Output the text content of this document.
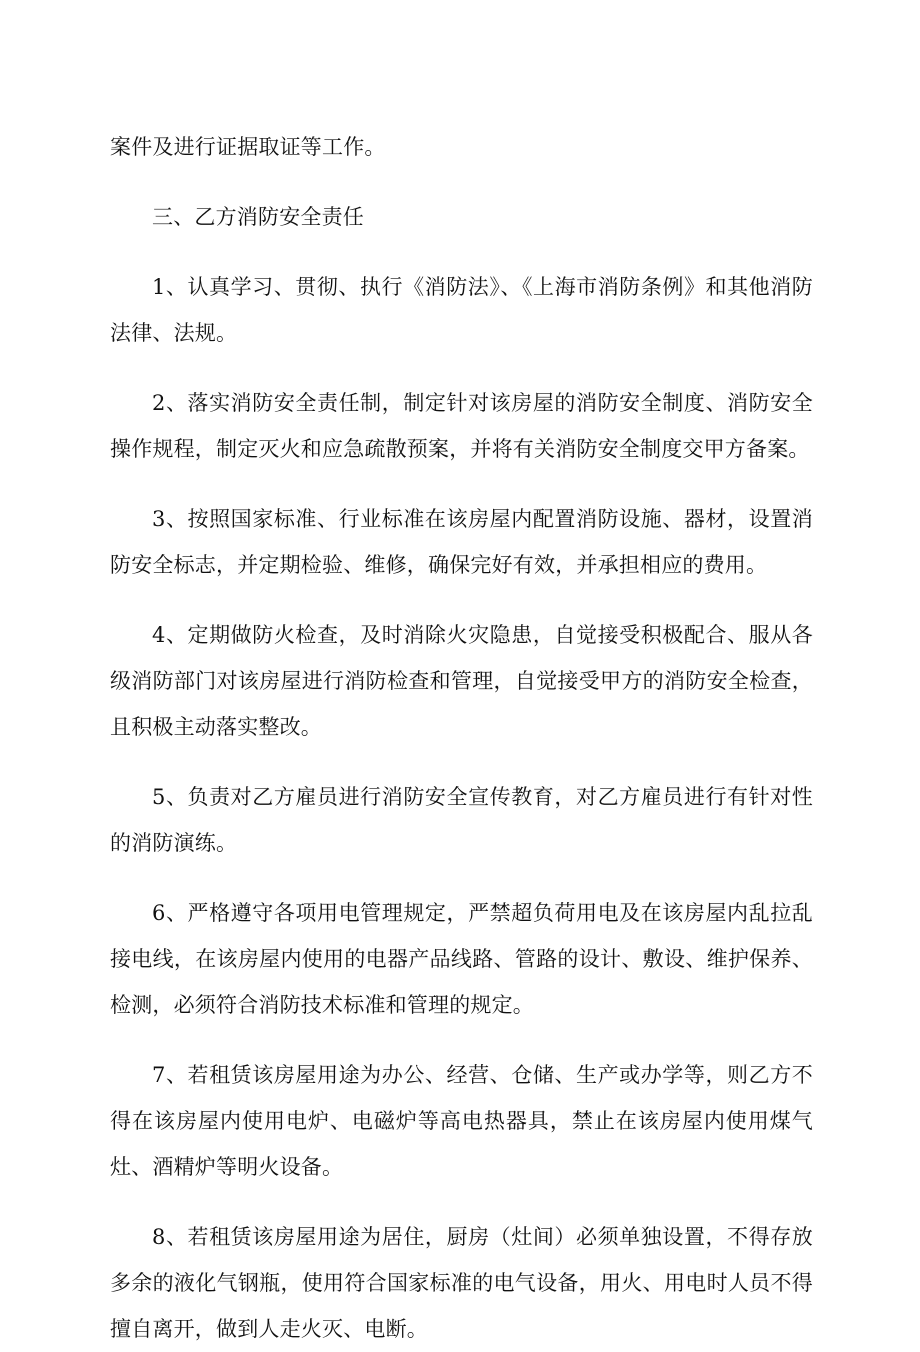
案件及进行证据取证等工作。

三、乙方消防安全责任

1、认真学习、贯彻、执行《消防法》、《上海市消防条例》和其他消防法律、法规。

2、落实消防安全责任制，制定针对该房屋的消防安全制度、消防安全操作规程，制定灭火和应急疏散预案，并将有关消防安全制度交甲方备案。

3、按照国家标准、行业标准在该房屋内配置消防设施、器材，设置消防安全标志，并定期检验、维修，确保完好有效，并承担相应的费用。

4、定期做防火检查，及时消除火灾隐患，自觉接受积极配合、服从各级消防部门对该房屋进行消防检查和管理，自觉接受甲方的消防安全检查，且积极主动落实整改。

5、负责对乙方雇员进行消防安全宣传教育，对乙方雇员进行有针对性的消防演练。

6、严格遵守各项用电管理规定，严禁超负荷用电及在该房屋内乱拉乱接电线，在该房屋内使用的电器产品线路、管路的设计、敷设、维护保养、检测，必须符合消防技术标准和管理的规定。

7、若租赁该房屋用途为办公、经营、仓储、生产或办学等，则乙方不得在该房屋内使用电炉、电磁炉等高电热器具，禁止在该房屋内使用煤气灶、酒精炉等明火设备。

8、若租赁该房屋用途为居住，厨房（灶间）必须单独设置，不得存放多余的液化气钢瓶，使用符合国家标准的电气设备，用火、用电时人员不得擅自离开，做到人走火灭、电断。
